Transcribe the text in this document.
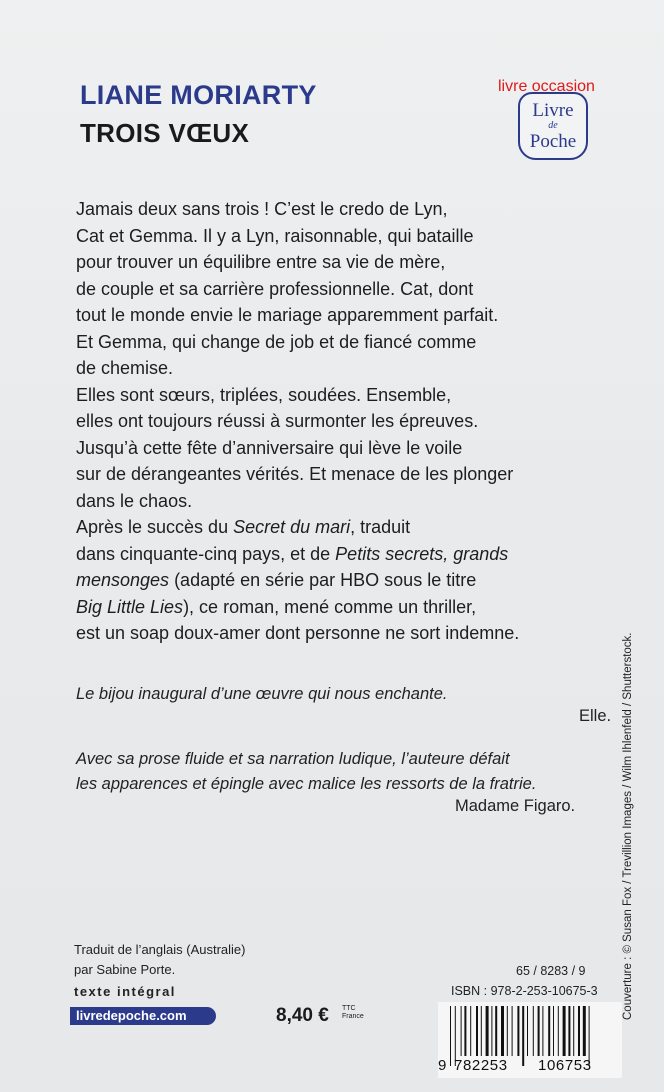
LIANE MORIARTY
TROIS VŒUX
Livre
de
Poche
livre occasion
Jamais deux sans trois ! C’est le credo de Lyn,
Cat et Gemma. Il y a Lyn, raisonnable, qui bataille
pour trouver un équilibre entre sa vie de mère,
de couple et sa carrière professionnelle. Cat, dont
tout le monde envie le mariage apparemment parfait.
Et Gemma, qui change de job et de fiancé comme
de chemise.
Elles sont sœurs, triplées, soudées. Ensemble,
elles ont toujours réussi à surmonter les épreuves.
Jusqu’à cette fête d’anniversaire qui lève le voile
sur de dérangeantes vérités. Et menace de les plonger
dans le chaos.
Après le succès du Secret du mari, traduit
dans cinquante-cinq pays, et de Petits secrets, grands
mensonges (adapté en série par HBO sous le titre
Big Little Lies), ce roman, mené comme un thriller,
est un soap doux-amer dont personne ne sort indemne.
Le bijou inaugural d’une œuvre qui nous enchante.
Elle.
Avec sa prose fluide et sa narration ludique, l’auteure défait
les apparences et épingle avec malice les ressorts de la fratrie.
Madame Figaro.	Couverture : © Susan Fox / Trevillion Images / Wilm Ihlenfeld / Shutterstock.
Traduit de l’anglais (Australie)
par Sabine Porte.
texte intégral
livredepoche.com	8,40 € TTC
France
65 / 8283 / 9
ISBN : 978-2-253-10675-3
9 782253 106753
